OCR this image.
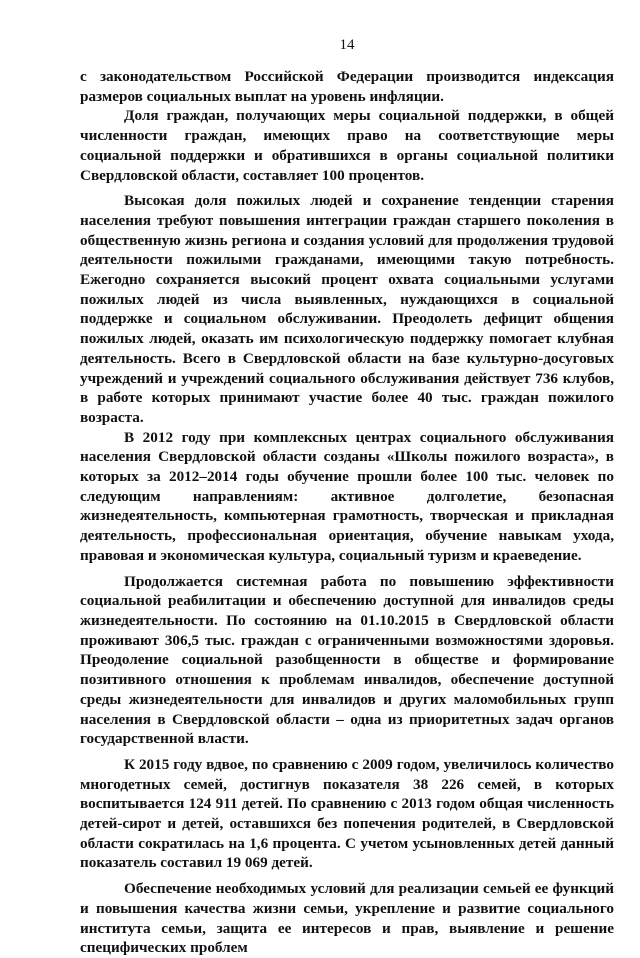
14

с законодательством Российской Федерации производится индексация размеров социальных выплат на уровень инфляции.

Доля граждан, получающих меры социальной поддержки, в общей численности граждан, имеющих право на соответствующие меры социальной поддержки и обратившихся в органы социальной политики Свердловской области, составляет 100 процентов.

Высокая доля пожилых людей и сохранение тенденции старения населения требуют повышения интеграции граждан старшего поколения в общественную жизнь региона и создания условий для продолжения трудовой деятельности пожилыми гражданами, имеющими такую потребность. Ежегодно сохраняется высокий процент охвата социальными услугами пожилых людей из числа выявленных, нуждающихся в социальной поддержке и социальном обслуживании. Преодолеть дефицит общения пожилых людей, оказать им психологическую поддержку помогает клубная деятельность. Всего в Свердловской области на базе культурно-досуговых учреждений и учреждений социального обслуживания действует 736 клубов, в работе которых принимают участие более 40 тыс. граждан пожилого возраста.

В 2012 году при комплексных центрах социального обслуживания населения Свердловской области созданы «Школы пожилого возраста», в которых за 2012–2014 годы обучение прошли более 100 тыс. человек по следующим направлениям: активное долголетие, безопасная жизнедеятельность, компьютерная грамотность, творческая и прикладная деятельность, профессиональная ориентация, обучение навыкам ухода, правовая и экономическая культура, социальный туризм и краеведение.

Продолжается системная работа по повышению эффективности социальной реабилитации и обеспечению доступной для инвалидов среды жизнедеятельности. По состоянию на 01.10.2015 в Свердловской области проживают 306,5 тыс. граждан с ограниченными возможностями здоровья. Преодоление социальной разобщенности в обществе и формирование позитивного отношения к проблемам инвалидов, обеспечение доступной среды жизнедеятельности для инвалидов и других маломобильных групп населения в Свердловской области – одна из приоритетных задач органов государственной власти.

К 2015 году вдвое, по сравнению с 2009 годом, увеличилось количество многодетных семей, достигнув показателя 38 226 семей, в которых воспитывается 124 911 детей. По сравнению с 2013 годом общая численность детей-сирот и детей, оставшихся без попечения родителей, в Свердловской области сократилась на 1,6 процента. С учетом усыновленных детей данный показатель составил 19 069 детей.

Обеспечение необходимых условий для реализации семьей ее функций и повышения качества жизни семьи, укрепление и развитие социального института семьи, защита ее интересов и прав, выявление и решение специфических проблем
